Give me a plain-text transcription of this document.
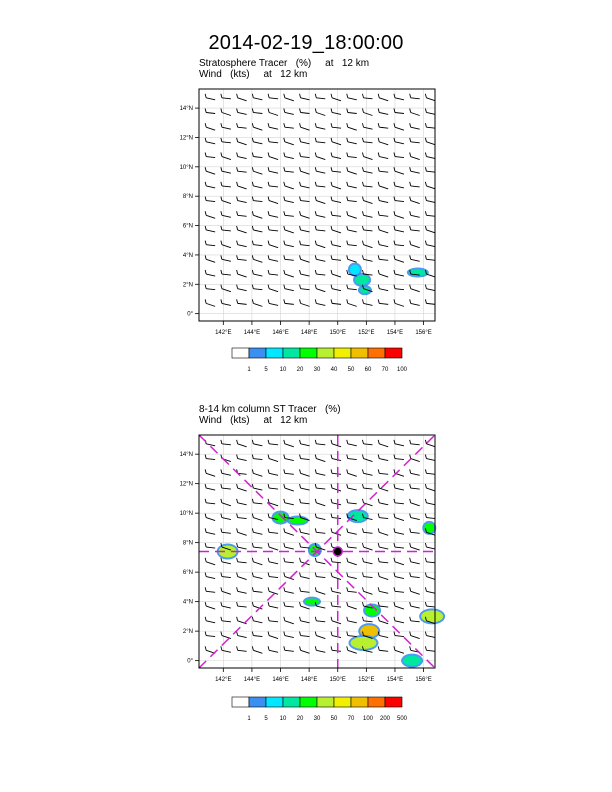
2014-02-19_18:00:00
Stratosphere Tracer   (%)     at   12 km
Wind   (kts)     at   12 km
8-14 km column ST Tracer   (%)
Wind   (kts)     at   12 km
142°E 144°E 146°E 148°E 150°E 152°E 154°E 156°E
0°
2°N
4°N
6°N
8°N
10°N
12°N
14°N
1 5 10 20 30 40 50 60 70 100
142°E 144°E 146°E 148°E 150°E 152°E 154°E 156°E
0°
2°N
4°N
6°N
8°N
10°N
12°N
14°N
1 5 10 20 30 50 70 100 200 500
